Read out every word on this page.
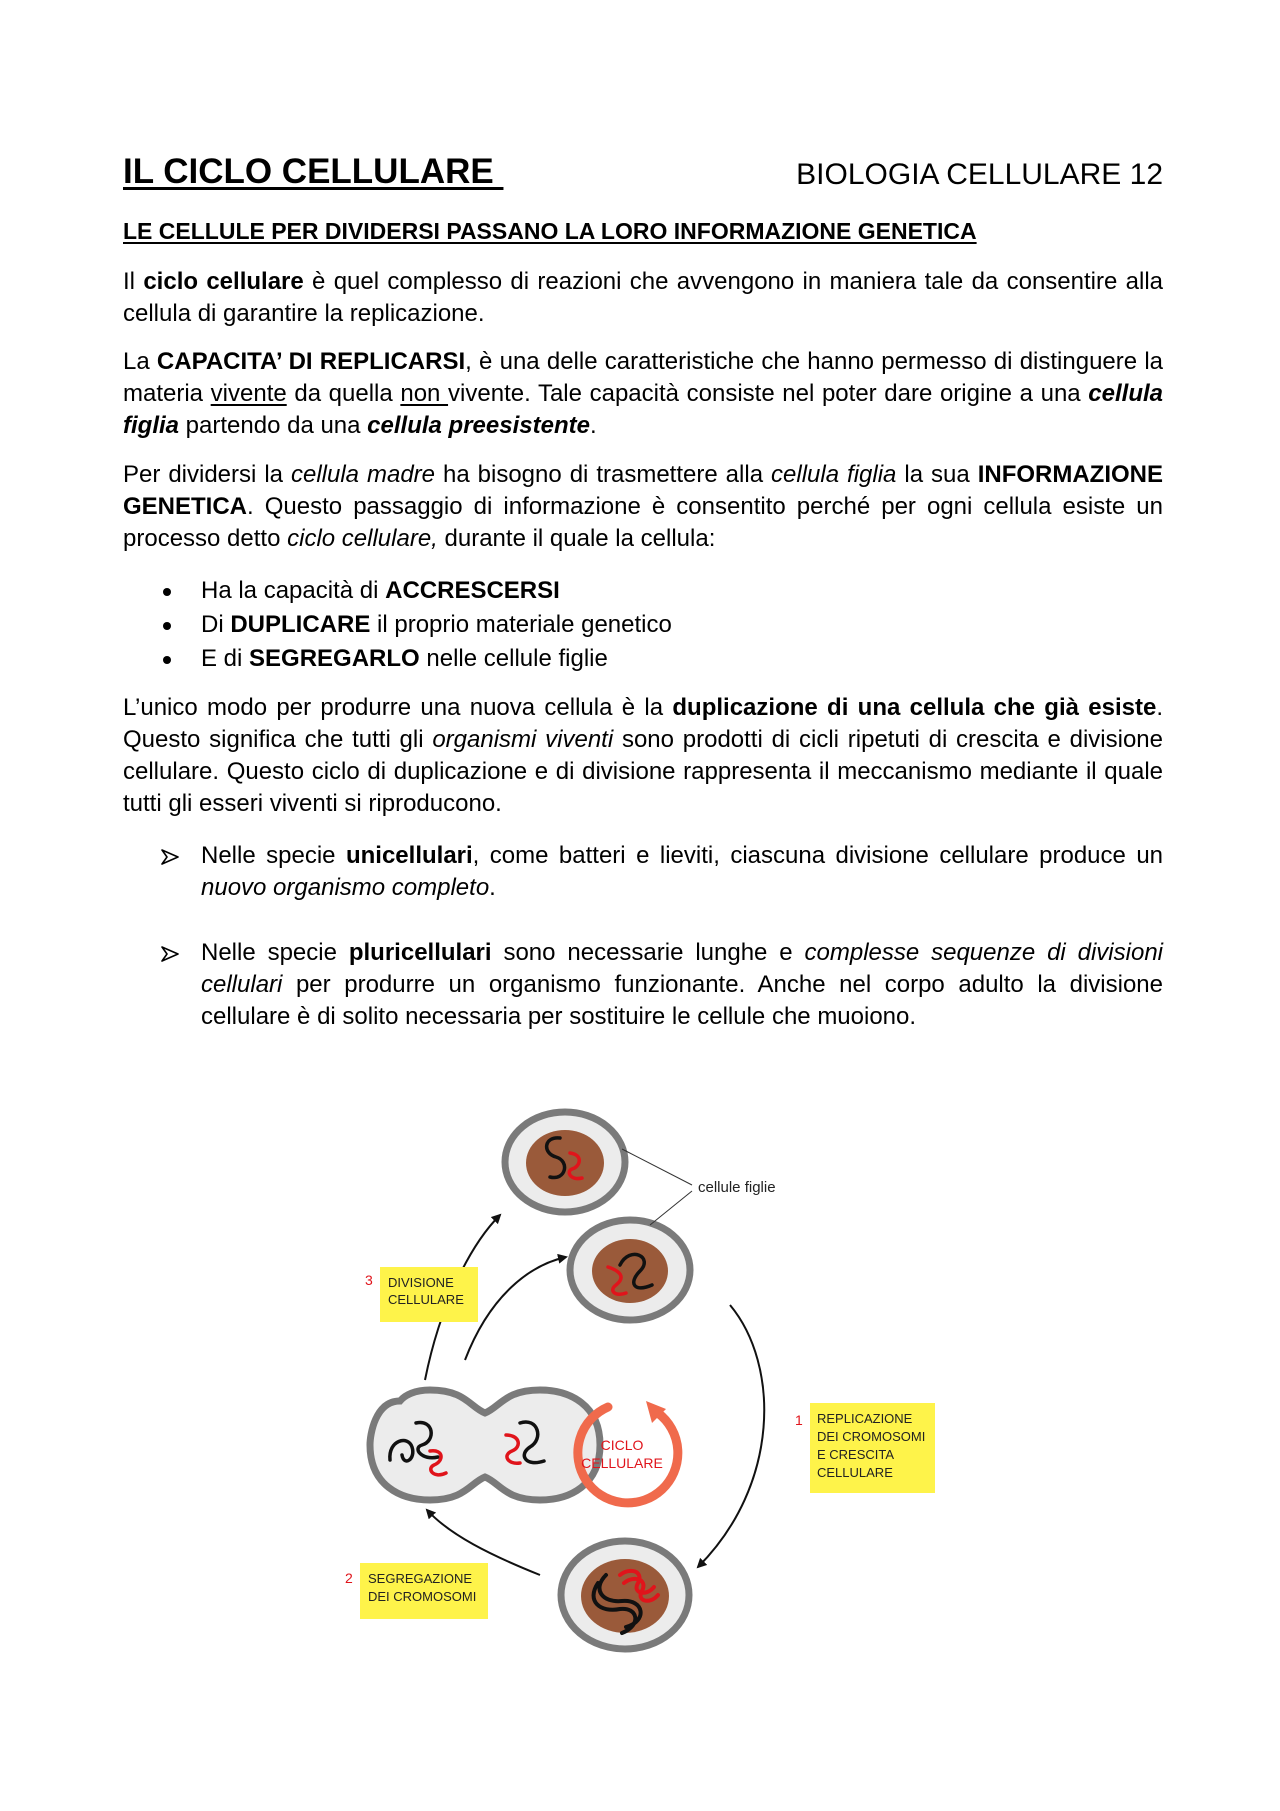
IL CICLO CELLULARE	BIOLOGIA CELLULARE 12
LE CELLULE PER DIVIDERSI PASSANO LA LORO INFORMAZIONE GENETICA

Il ciclo cellulare è quel complesso di reazioni che avvengono in maniera tale da consentire alla cellula di garantire la replicazione.

La CAPACITA’ DI REPLICARSI, è una delle caratteristiche che hanno permesso di distinguere la materia vivente da quella non vivente. Tale capacità consiste nel poter dare origine a una cellula figlia partendo da una cellula preesistente.

Per dividersi la cellula madre ha bisogno di trasmettere alla cellula figlia la sua INFORMAZIONE GENETICA. Questo passaggio di informazione è consentito perché per ogni cellula esiste un processo detto ciclo cellulare, durante il quale la cellula:

Ha la capacità di ACCRESCERSI
Di DUPLICARE il proprio materiale genetico
E di SEGREGARLO nelle cellule figlie

L’unico modo per produrre una nuova cellula è la duplicazione di una cellula che già esiste. Questo significa che tutti gli organismi viventi sono prodotti di cicli ripetuti di crescita e divisione cellulare. Questo ciclo di duplicazione e di divisione rappresenta il meccanismo mediante il quale tutti gli esseri viventi si riproducono.

Nelle specie unicellulari, come batteri e lieviti, ciascuna divisione cellulare produce un nuovo organismo completo.

Nelle specie pluricellulari sono necessarie lunghe e complesse sequenze di divisioni cellulari per produrre un organismo funzionante. Anche nel corpo adulto la divisione cellulare è di solito necessaria per sostituire le cellule che muoiono.

cellule figlie
CICLO
CELLULARE
3 DIVISIONE
CELLULARE
1 REPLICAZIONE
DEI CROMOSOMI
E CRESCITA
CELLULARE
2 SEGREGAZIONE
DEI CROMOSOMI
